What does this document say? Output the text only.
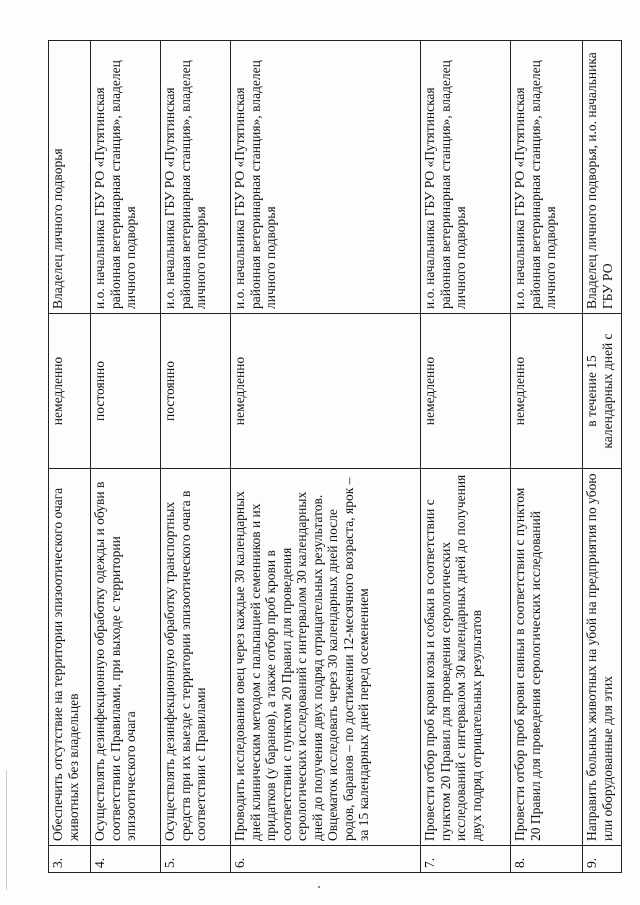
3.	Обеспечить отсутствие на территории эпизоотического очага животных без владельцев	немедленно	Владелец личного подворья
4.	Осуществлять дезинфекционную обработку одежды и обуви в соответствии с Правилами, при выходе с территории эпизоотического очага	постоянно	и.о. начальника ГБУ РО «Путятинская районная ветеринарная станция», владелец личного подворья
5.	Осуществлять дезинфекционную обработку транспортных средств при их выезде с территории эпизоотического очага в соответствии с Правилами	постоянно	и.о. начальника ГБУ РО «Путятинская районная ветеринарная станция», владелец личного подворья
6.	Проводить исследования овец через каждые 30 календарных дней клиническим методом с пальпацией семенников и их придатков (у баранов), а также отбор проб крови в соответствии с пунктом 20 Правил для проведения серологических исследований с интервалом 30 календарных дней до получения двух подряд отрицательных результатов. Овцематок исследовать через 30 календарных дней после родов, баранов – по достижении 12-месячного возраста, ярок – за 15 календарных дней перед осеменением	немедленно	и.о. начальника ГБУ РО «Путятинская районная ветеринарная станция», владелец личного подворья
7.	Провести отбор проб крови козы и собаки в соответствии с пунктом 20 Правил для проведения серологических исследований с интервалом 30 календарных дней до получения двух подряд отрицательных результатов	немедленно	и.о. начальника ГБУ РО «Путятинская районная ветеринарная станция», владелец личного подворья
8.	Провести отбор проб крови свиньи в соответствии с пунктом 20 Правил для проведения серологических исследований	немедленно	и.о. начальника ГБУ РО «Путятинская районная ветеринарная станция», владелец личного подворья
9.	Направить больных животных на убой на предприятия по убою или оборудованные для этих	в течение 15 календарных дней с	Владелец личного подворья, и.о. начальника ГБУ РО
